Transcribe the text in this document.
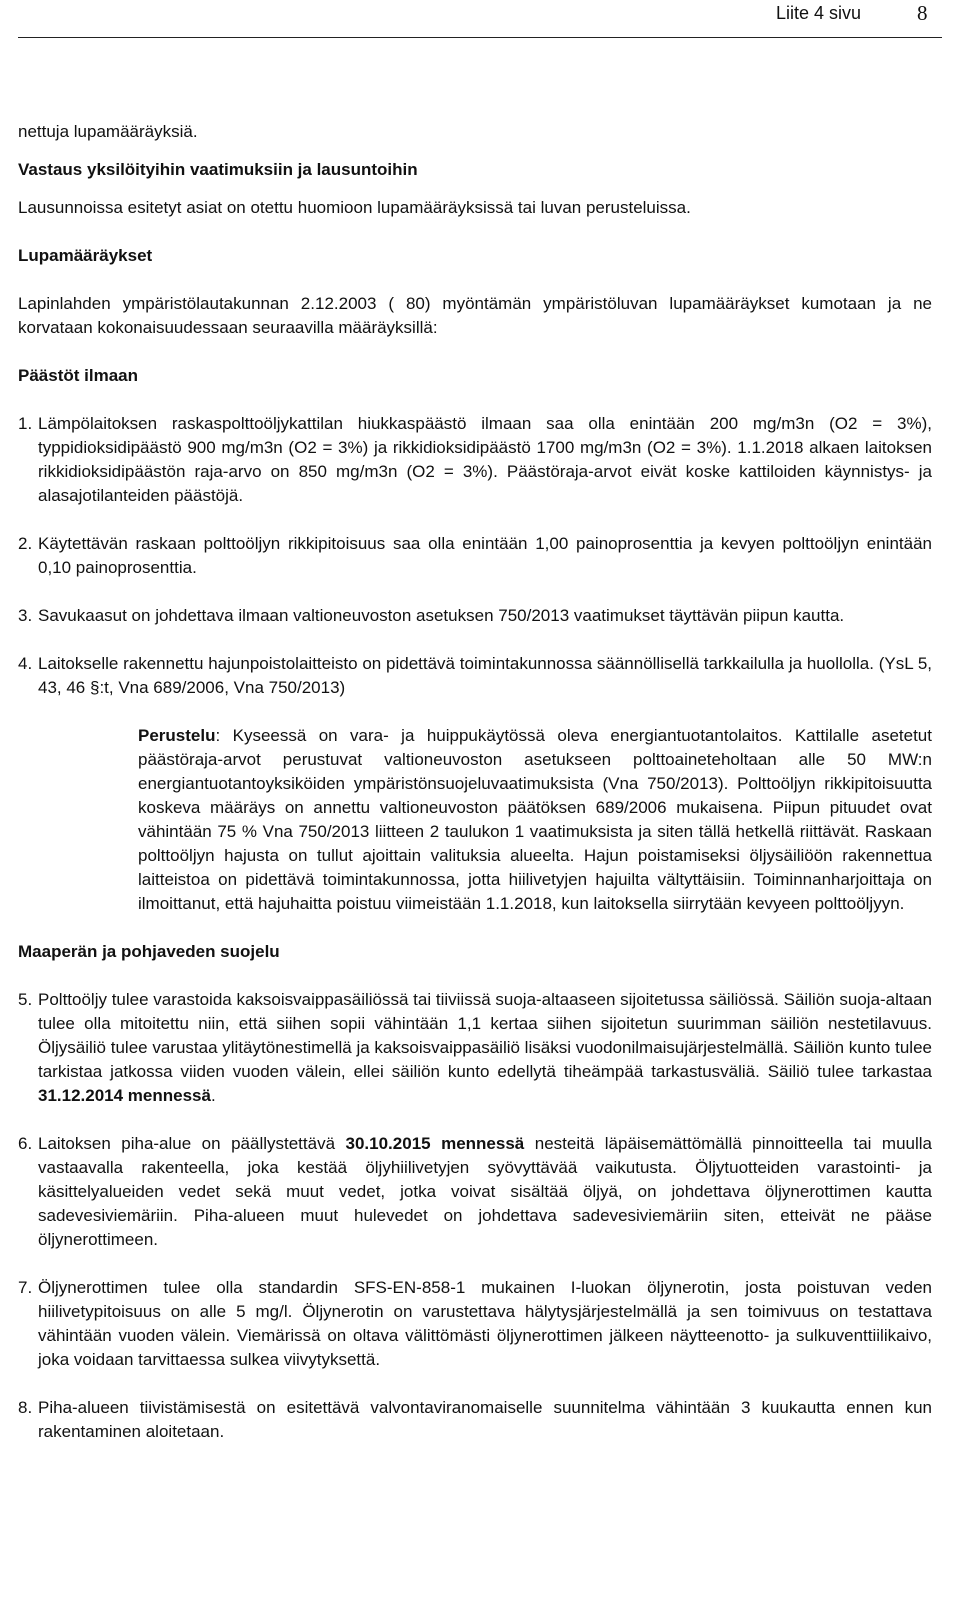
Liite 4 sivu	8

nettuja lupamääräyksiä.

Vastaus yksilöityihin vaatimuksiin ja lausuntoihin

Lausunnoissa esitetyt asiat on otettu huomioon lupamääräyksissä tai luvan perusteluissa.

Lupamääräykset

Lapinlahden ympäristölautakunnan 2.12.2003 ( 80) myöntämän ympäristöluvan lupamääräykset kumotaan ja ne korvataan kokonaisuudessaan seuraavilla määräyksillä:

Päästöt ilmaan

1. Lämpölaitoksen raskaspolttoöljykattilan hiukkaspäästö ilmaan saa olla enintään 200 mg/m3n (O2 = 3%), typpidioksidipäästö 900 mg/m3n (O2 = 3%) ja rikkidioksidipäästö 1700 mg/m3n (O2 = 3%). 1.1.2018 alkaen laitoksen rikkidioksidipäästön raja-arvo on 850 mg/m3n (O2 = 3%). Päästöraja-arvot eivät koske kattiloiden käynnistys- ja alasajotilanteiden päästöjä.
2. Käytettävän raskaan polttoöljyn rikkipitoisuus saa olla enintään 1,00 painoprosenttia ja kevyen polttoöljyn enintään 0,10 painoprosenttia.
3. Savukaasut on johdettava ilmaan valtioneuvoston asetuksen 750/2013 vaatimukset täyttävän piipun kautta.
4. Laitokselle rakennettu hajunpoistolaitteisto on pidettävä toimintakunnossa säännöllisellä tarkkailulla ja huollolla. (YsL 5, 43, 46 §:t, Vna 689/2006, Vna 750/2013)

Perustelu: Kyseessä on vara- ja huippukäytössä oleva energiantuotantolaitos. Kattilalle asetetut päästöraja-arvot perustuvat valtioneuvoston asetukseen polttoaineteholtaan alle 50 MW:n energiantuotantoyksiköiden ympäristönsuojeluvaatimuksista (Vna 750/2013). Polttoöljyn rikkipitoisuutta koskeva määräys on annettu valtioneuvoston päätöksen 689/2006 mukaisena. Piipun pituudet ovat vähintään 75 % Vna 750/2013 liitteen 2 taulukon 1 vaatimuksista ja siten tällä hetkellä riittävät. Raskaan polttoöljyn hajusta on tullut ajoittain valituksia alueelta. Hajun poistamiseksi öljysäiliöön rakennettua laitteistoa on pidettävä toimintakunnossa, jotta hiilivetyjen hajuilta vältyttäisiin. Toiminnanharjoittaja on ilmoittanut, että hajuhaitta poistuu viimeistään 1.1.2018, kun laitoksella siirrytään kevyeen polttoöljyyn.

Maaperän ja pohjaveden suojelu

5. Polttoöljy tulee varastoida kaksoisvaippasäiliössä tai tiiviissä suoja-altaaseen sijoitetussa säiliössä. Säiliön suoja-altaan tulee olla mitoitettu niin, että siihen sopii vähintään 1,1 kertaa siihen sijoitetun suurimman säiliön nestetilavuus. Öljysäiliö tulee varustaa ylitäytönestimellä ja kaksoisvaippasäiliö lisäksi vuodonilmaisujärjestelmällä. Säiliön kunto tulee tarkistaa jatkossa viiden vuoden välein, ellei säiliön kunto edellytä tiheämpää tarkastusväliä. Säiliö tulee tarkastaa 31.12.2014 mennessä.
6. Laitoksen piha-alue on päällystettävä 30.10.2015 mennessä nesteitä läpäisemättömällä pinnoitteella tai muulla vastaavalla rakenteella, joka kestää öljyhiilivetyjen syövyttävää vaikutusta. Öljytuotteiden varastointi- ja käsittelyalueiden vedet sekä muut vedet, jotka voivat sisältää öljyä, on johdettava öljynerottimen kautta sadevesiviemäriin. Piha-alueen muut hulevedet on johdettava sadevesiviemäriin siten, etteivät ne pääse öljynerottimeen.
7. Öljynerottimen tulee olla standardin SFS-EN-858-1 mukainen I-luokan öljynerotin, josta poistuvan veden hiilivetypitoisuus on alle 5 mg/l. Öljynerotin on varustettava hälytysjärjestelmällä ja sen toimivuus on testattava vähintään vuoden välein. Viemärissä on oltava välittömästi öljynerottimen jälkeen näytteenotto- ja sulkuventtiilikaivo, joka voidaan tarvittaessa sulkea viivytyksettä.
8. Piha-alueen tiivistämisestä on esitettävä valvontaviranomaiselle suunnitelma vähintään 3 kuukautta ennen kun rakentaminen aloitetaan.
